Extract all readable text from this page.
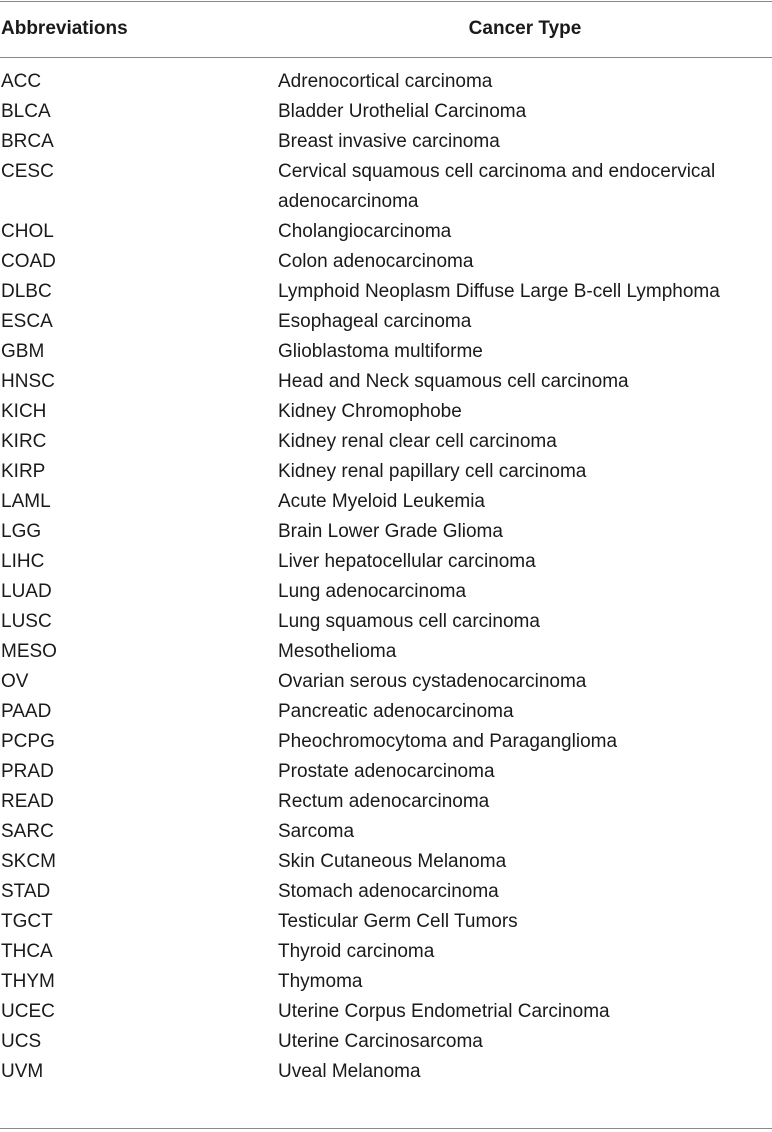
Abbreviations	Cancer Type
ACC	Adrenocortical carcinoma
BLCA	Bladder Urothelial Carcinoma
BRCA	Breast invasive carcinoma
CESC	Cervical squamous cell carcinoma and endocervical adenocarcinoma
CHOL	Cholangiocarcinoma
COAD	Colon adenocarcinoma
DLBC	Lymphoid Neoplasm Diffuse Large B-cell Lymphoma
ESCA	Esophageal carcinoma
GBM	Glioblastoma multiforme
HNSC	Head and Neck squamous cell carcinoma
KICH	Kidney Chromophobe
KIRC	Kidney renal clear cell carcinoma
KIRP	Kidney renal papillary cell carcinoma
LAML	Acute Myeloid Leukemia
LGG	Brain Lower Grade Glioma
LIHC	Liver hepatocellular carcinoma
LUAD	Lung adenocarcinoma
LUSC	Lung squamous cell carcinoma
MESO	Mesothelioma
OV	Ovarian serous cystadenocarcinoma
PAAD	Pancreatic adenocarcinoma
PCPG	Pheochromocytoma and Paraganglioma
PRAD	Prostate adenocarcinoma
READ	Rectum adenocarcinoma
SARC	Sarcoma
SKCM	Skin Cutaneous Melanoma
STAD	Stomach adenocarcinoma
TGCT	Testicular Germ Cell Tumors
THCA	Thyroid carcinoma
THYM	Thymoma
UCEC	Uterine Corpus Endometrial Carcinoma
UCS	Uterine Carcinosarcoma
UVM	Uveal Melanoma
